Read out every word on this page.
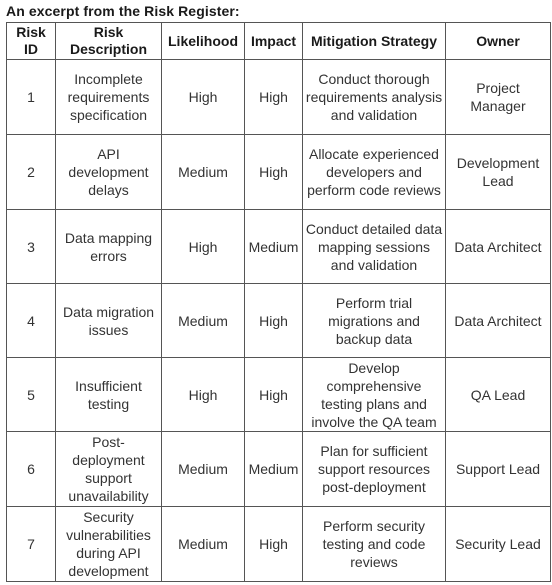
An excerpt from the Risk Register:
Risk ID	Risk Description	Likelihood	Impact	Mitigation Strategy	Owner
1	Incomplete requirements specification	High	High	Conduct thorough requirements analysis and validation	Project Manager
2	API development delays	Medium	High	Allocate experienced developers and perform code reviews	Development Lead
3	Data mapping errors	High	Medium	Conduct detailed data mapping sessions and validation	Data Architect
4	Data migration issues	Medium	High	Perform trial migrations and backup data	Data Architect
5	Insufficient testing	High	High	Develop comprehensive testing plans and involve the QA team	QA Lead
6	Post-deployment support unavailability	Medium	Medium	Plan for sufficient support resources post-deployment	Support Lead
7	Security vulnerabilities during API development	Medium	High	Perform security testing and code reviews	Security Lead
